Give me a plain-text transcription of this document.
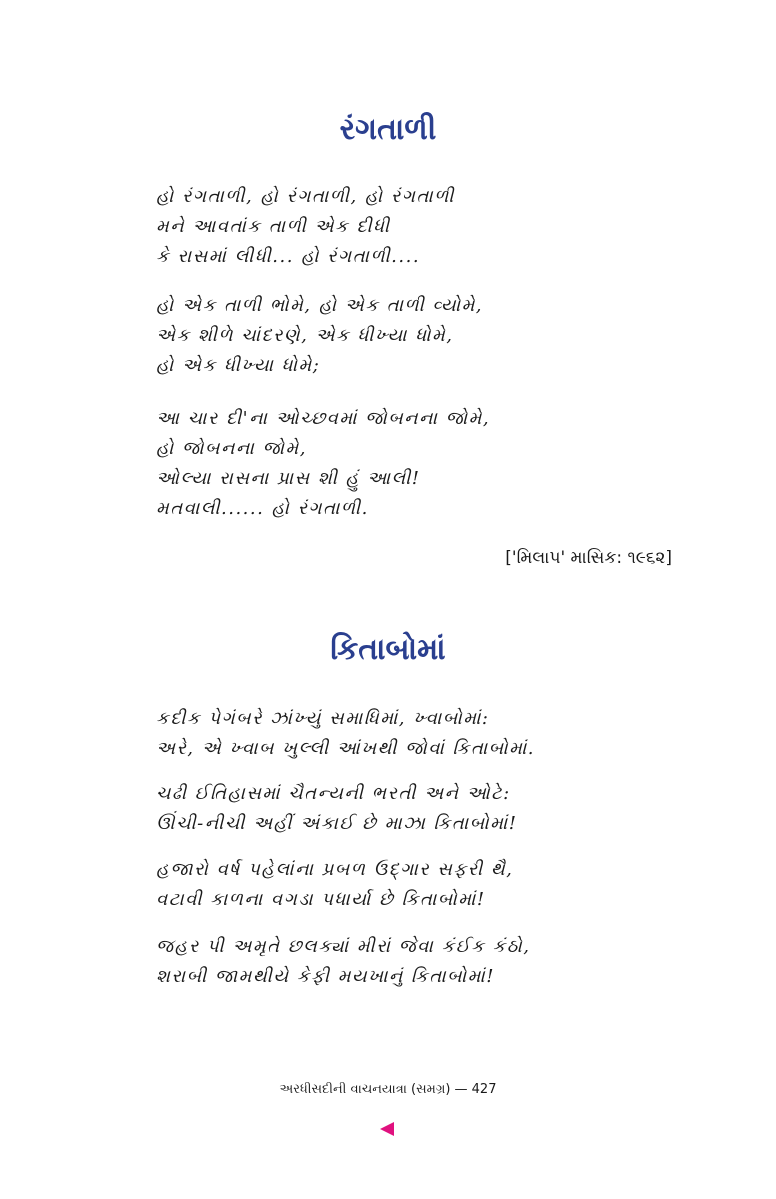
રંગતાળી
હો રંગતાળી, હો રંગતાળી, હો રંગતાળી
મને આવતાંક તાળી એક દીધી
કે રાસમાં લીધી... હો રંગતાળી....
હો એક તાળી ભોમે, હો એક તાળી વ્યોમે,
એક શીળે ચાંદરણે, એક ધીખ્યા ધોમે,
હો એક ધીખ્યા ધોમે;
આ ચાર દી'ના ઓચ્છવમાં જોબનના જોમે,
હો જોબનના જોમે,
ઓલ્યા રાસના પ્રાસ શી હું આલી!
મતવાલી...... હો રંગતાળી.
['મિલાપ' માસિક: ૧૯૬૨]
કિતાબોમાં
કદીક પેગંબરે ઝાંખ્યું સમાધિમાં, ખ્વાબોમાં:
અરે, એ ખ્વાબ ખુલ્લી આંખથી જોવાં કિતાબોમાં.
ચઢી ઈતિહાસમાં ચૈતન્યની ભરતી અને ઓટે:
ઊંચી-નીચી અહીં અંકાઈ છે માઝા કિતાબોમાં!
હજારો વર્ષ પહેલાંના પ્રબળ ઉદ્ગાર સફરી થૈ,
વટાવી કાળના વગડા પધાર્યા છે કિતાબોમાં!
જહર પી અમૃતે છલક્યાં મીરાં જેવા કંઈક કંઠો,
શરાબી જામથીયે કેફી મયખાનું કિતાબોમાં!
અરધીસદીની વાચનયાત્રા (સમગ્ર) — 427
